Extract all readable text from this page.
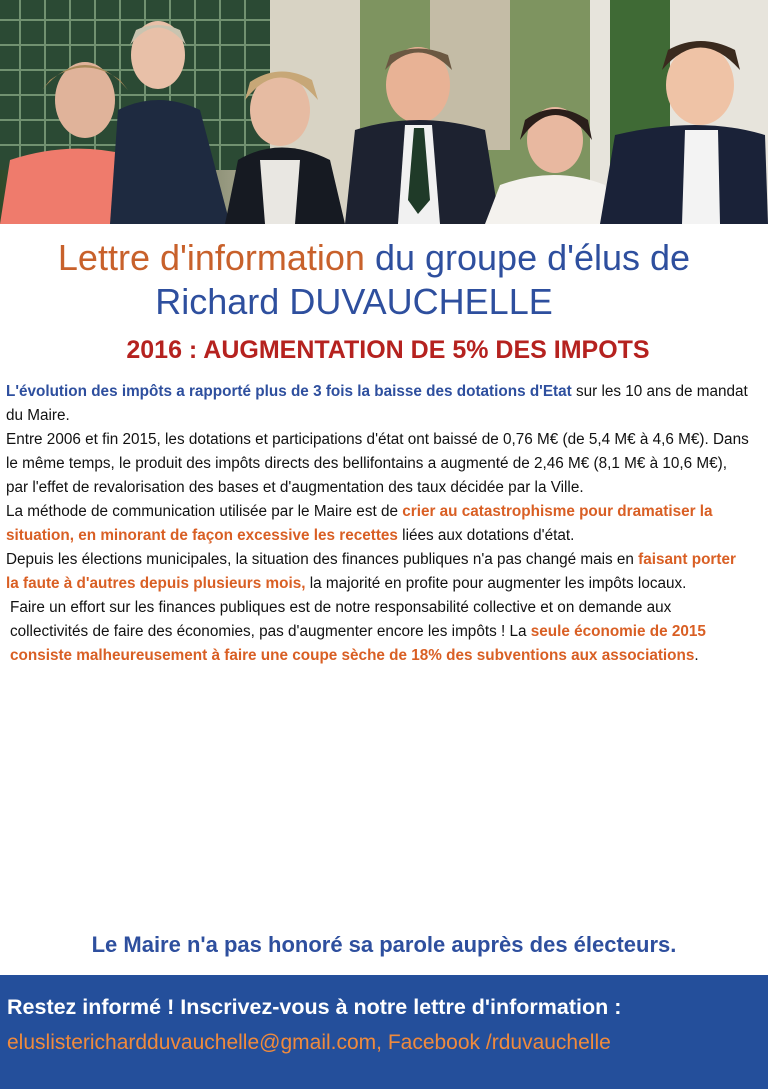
Lettre d'information du groupe d'élus de
Richard DUVAUCHELLE
2016 : AUGMENTATION DE 5% DES IMPOTS

L'évolution des impôts a rapporté plus de 3 fois la baisse des dotations d'Etat sur les 10 ans de mandat du Maire.

Entre 2006 et fin 2015, les dotations et participations d'état ont baissé de 0,76 M€ (de 5,4 M€ à 4,6 M€). Dans le même temps, le produit des impôts directs des bellifontains a augmenté de 2,46 M€ (8,1 M€ à 10,6 M€), par l'effet de revalorisation des bases et d'augmentation des taux décidée par la Ville.

La méthode de communication utilisée par le Maire est de crier au catastrophisme pour dramatiser la situation, en minorant de façon excessive les recettes liées aux dotations d'état.

Depuis les élections municipales, la situation des finances publiques n'a pas changé mais en faisant porter la faute à d'autres depuis plusieurs mois, la majorité en profite pour augmenter les impôts locaux.

Faire un effort sur les finances publiques est de notre responsabilité collective et on demande aux collectivités de faire des économies, pas d'augmenter encore les impôts ! La seule économie de 2015 consiste malheureusement à faire une coupe sèche de 18% des subventions aux associations.

Le Maire n'a pas honoré sa parole auprès des électeurs.
Restez informé ! Inscrivez-vous à notre lettre d'information :
eluslisterichardduvauchelle@gmail.com, Facebook /rduvauchelle
